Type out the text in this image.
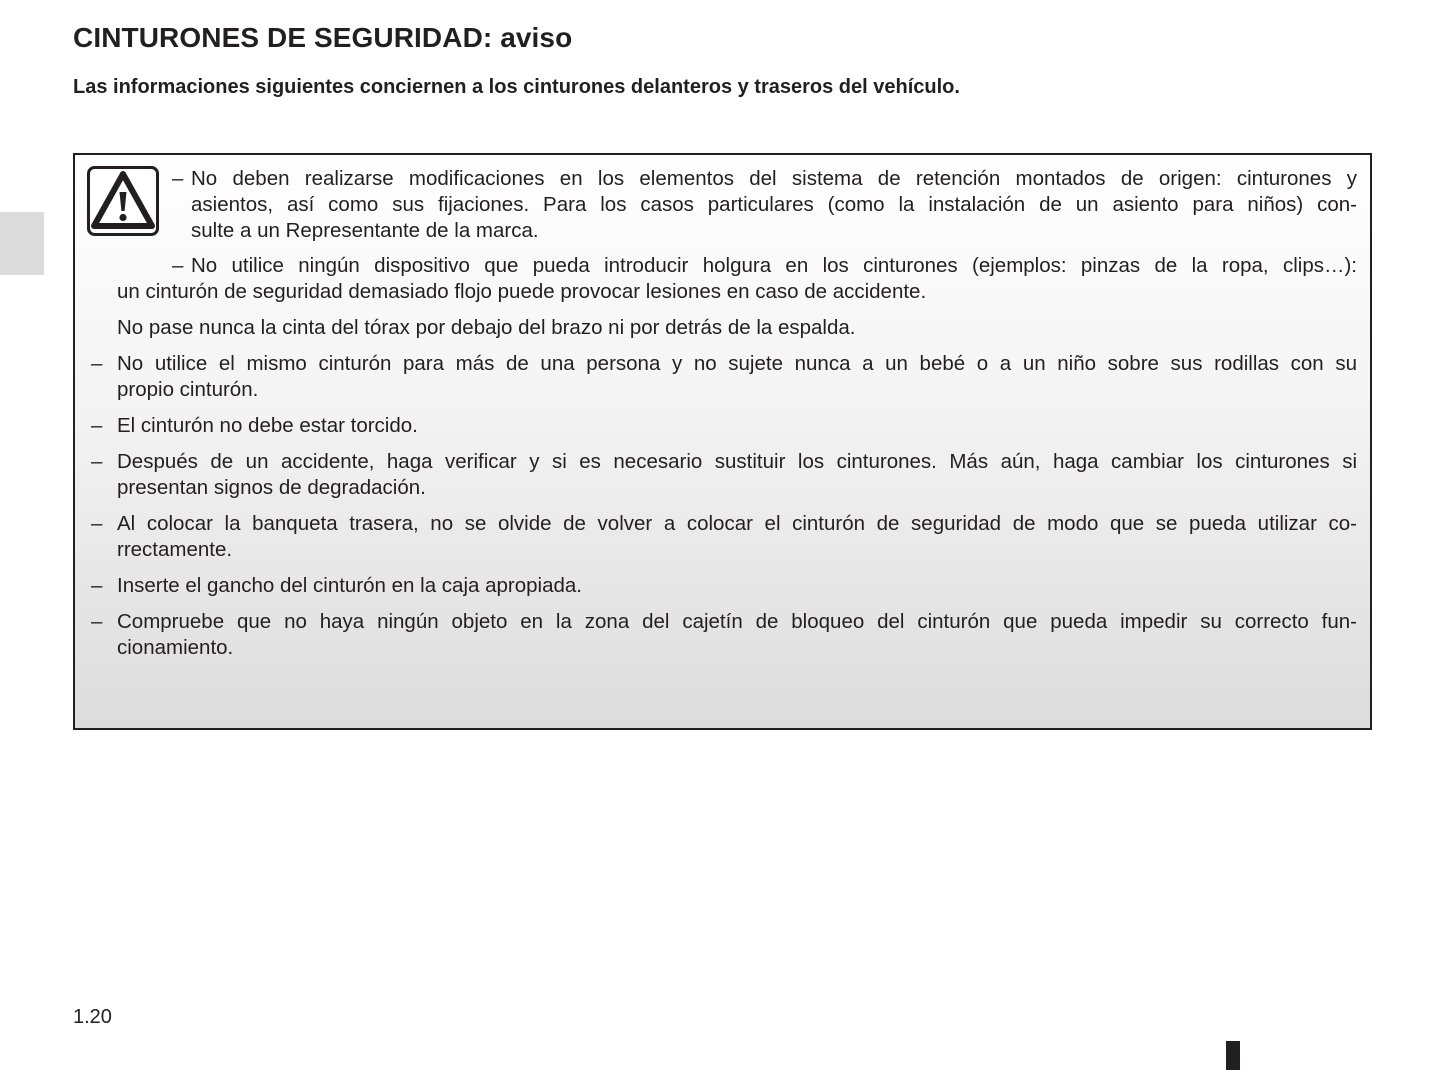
CINTURONES DE SEGURIDAD: aviso

Las informaciones siguientes conciernen a los cinturones delanteros y traseros del vehículo.

– No deben realizarse modificaciones en los elementos del sistema de retención montados de origen: cinturones y

asientos, así como sus fijaciones. Para los casos particulares (como la instalación de un asiento para niños) con-

sulte a un Representante de la marca.

– No utilice ningún dispositivo que pueda introducir holgura en los cinturones (ejemplos: pinzas de la ropa, clips…):

un cinturón de seguridad demasiado flojo puede provocar lesiones en caso de accidente.

No pase nunca la cinta del tórax por debajo del brazo ni por detrás de la espalda.

– No utilice el mismo cinturón para más de una persona y no sujete nunca a un bebé o a un niño sobre sus rodillas con su

propio cinturón.

– El cinturón no debe estar torcido.

– Después de un accidente, haga verificar y si es necesario sustituir los cinturones. Más aún, haga cambiar los cinturones si

presentan signos de degradación.

– Al colocar la banqueta trasera, no se olvide de volver a colocar el cinturón de seguridad de modo que se pueda utilizar co-

rrectamente.

– Inserte el gancho del cinturón en la caja apropiada.

– Compruebe que no haya ningún objeto en la zona del cajetín de bloqueo del cinturón que pueda impedir su correcto fun-

cionamiento.

1.20
